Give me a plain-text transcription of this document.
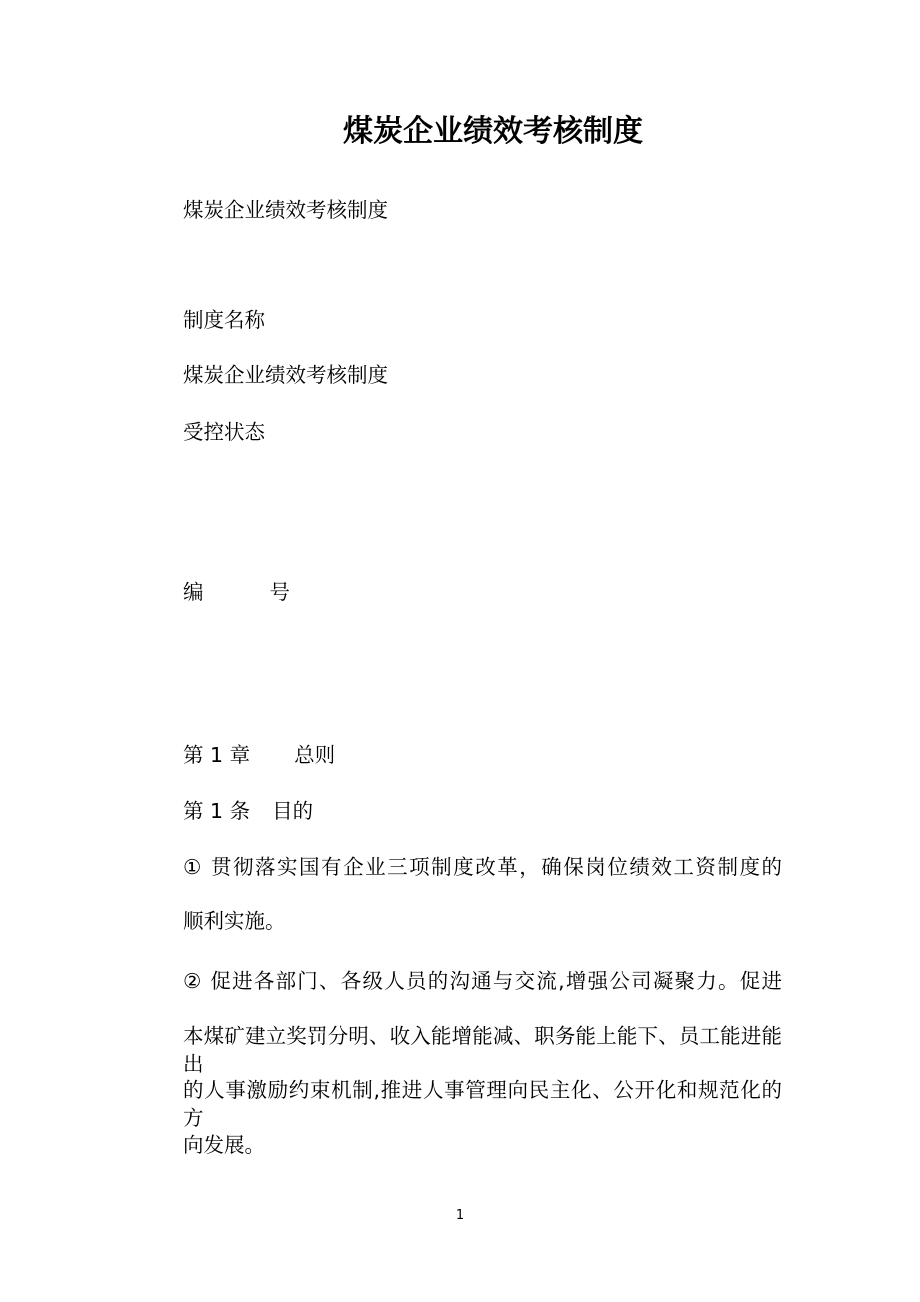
煤炭企业绩效考核制度
煤炭企业绩效考核制度
制度名称
煤炭企业绩效考核制度
受控状态
编	号
第 1 章 总则
第 1 条 目的
① 贯彻落实国有企业三项制度改革，确保岗位绩效工资制度的
顺利实施。
② 促进各部门、各级人员的沟通与交流,增强公司凝聚力。促进
本煤矿建立奖罚分明、收入能增能减、职务能上能下、员工能进能出
的人事激励约束机制,推进人事管理向民主化、公开化和规范化的方
向发展。
1
